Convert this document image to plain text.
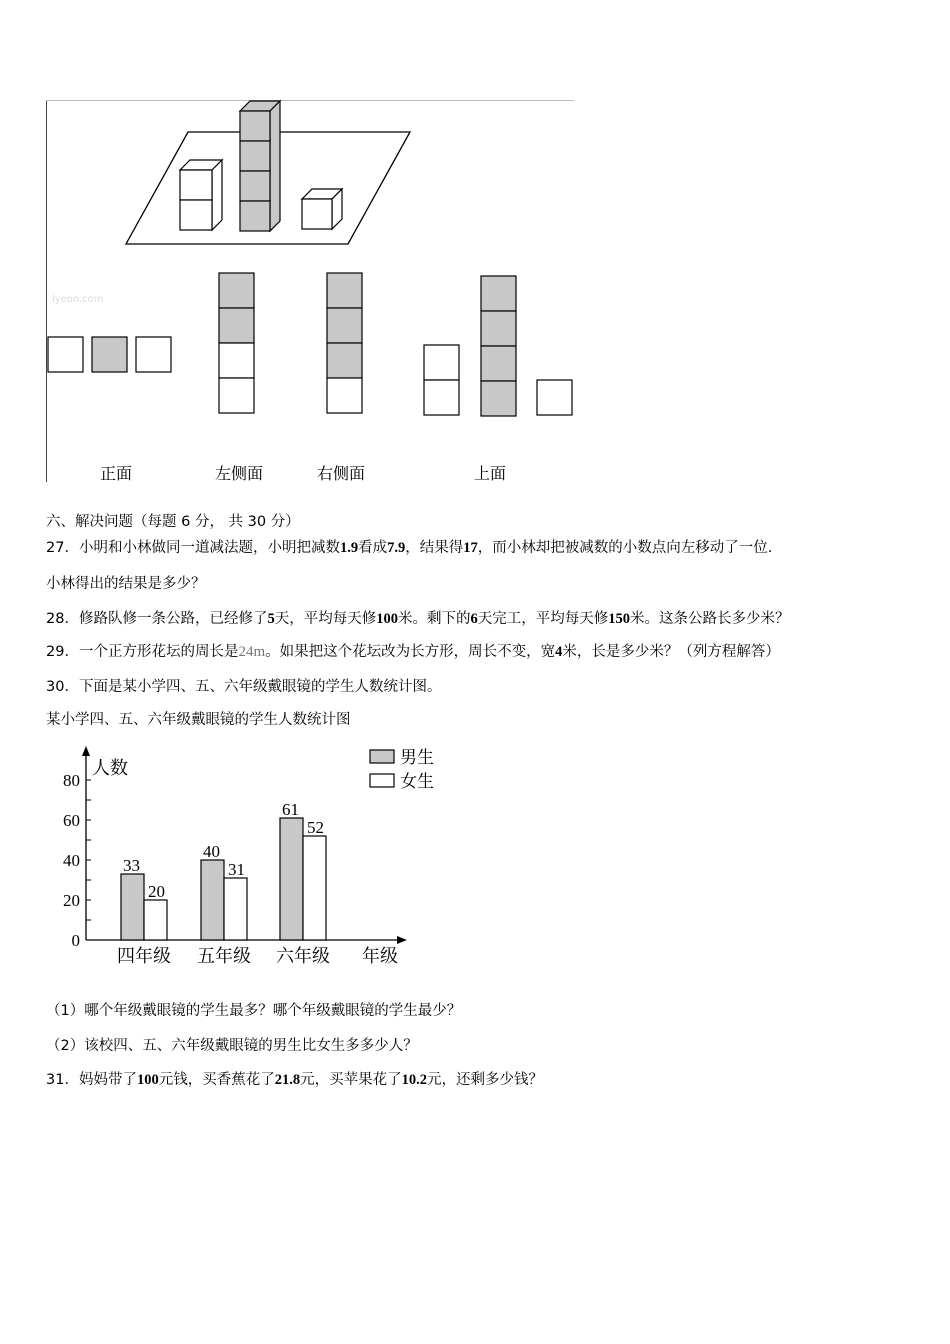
lyeoo.com
正面	左侧面	右侧面	上面
六、解决问题（每题 6 分， 共 30 分）
27．小明和小林做同一道减法题，小明把减数1.9看成7.9，结果得17，而小林却把被减数的小数点向左移动了一位.
小林得出的结果是多少？
28．修路队修一条公路，已经修了5天，平均每天修100米。剩下的6天完工，平均每天修150米。这条公路长多少米？
29．一个正方形花坛的周长是24m。如果把这个花坛改为长方形，周长不变，宽4米，长是多少米？（列方程解答）
30．下面是某小学四、五、六年级戴眼镜的学生人数统计图。
某小学四、五、六年级戴眼镜的学生人数统计图
0
20
40
60
80
人数
年级
33
20
四年级
40
31
五年级
61
52
六年级
男生
女生
（1）哪个年级戴眼镜的学生最多？哪个年级戴眼镜的学生最少？
（2）该校四、五、六年级戴眼镜的男生比女生多多少人？
31．妈妈带了100元钱，买香蕉花了21.8元，买苹果花了10.2元，还剩多少钱？
